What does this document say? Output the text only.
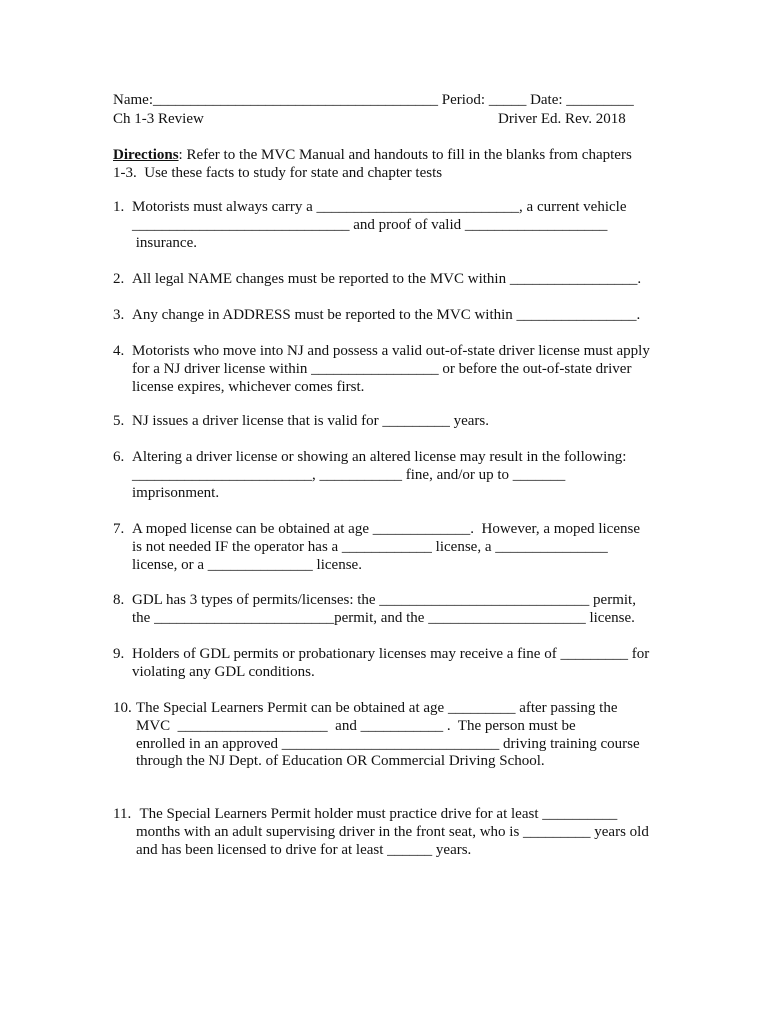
Name:______________________________________ Period: _____ Date: _________
Ch 1-3 Review	Driver Ed. Rev. 2018
Directions: Refer to the MVC Manual and handouts to fill in the blanks from chapters
1-3.  Use these facts to study for state and chapter tests
1. Motorists must always carry a ___________________________, a current vehicle
_____________________________ and proof of valid ___________________
insurance.
2. All legal NAME changes must be reported to the MVC within _________________.
3. Any change in ADDRESS must be reported to the MVC within ________________.
4. Motorists who move into NJ and possess a valid out-of-state driver license must apply
for a NJ driver license within _________________ or before the out-of-state driver
license expires, whichever comes first.
5. NJ issues a driver license that is valid for _________ years.
6. Altering a driver license or showing an altered license may result in the following:
________________________, ___________ fine, and/or up to _______
imprisonment.
7. A moped license can be obtained at age _____________.  However, a moped license
is not needed IF the operator has a ____________ license, a _______________
license, or a ______________ license.
8. GDL has 3 types of permits/licenses: the ____________________________ permit,
the ________________________permit, and the _____________________ license.
9. Holders of GDL permits or probationary licenses may receive a fine of _________ for
violating any GDL conditions.
10. The Special Learners Permit can be obtained at age _________ after passing the
MVC  ____________________  and ___________ .  The person must be
enrolled in an approved _____________________________ driving training course
through the NJ Dept. of Education OR Commercial Driving School.
11. The Special Learners Permit holder must practice drive for at least __________
months with an adult supervising driver in the front seat, who is _________ years old
and has been licensed to drive for at least ______ years.
